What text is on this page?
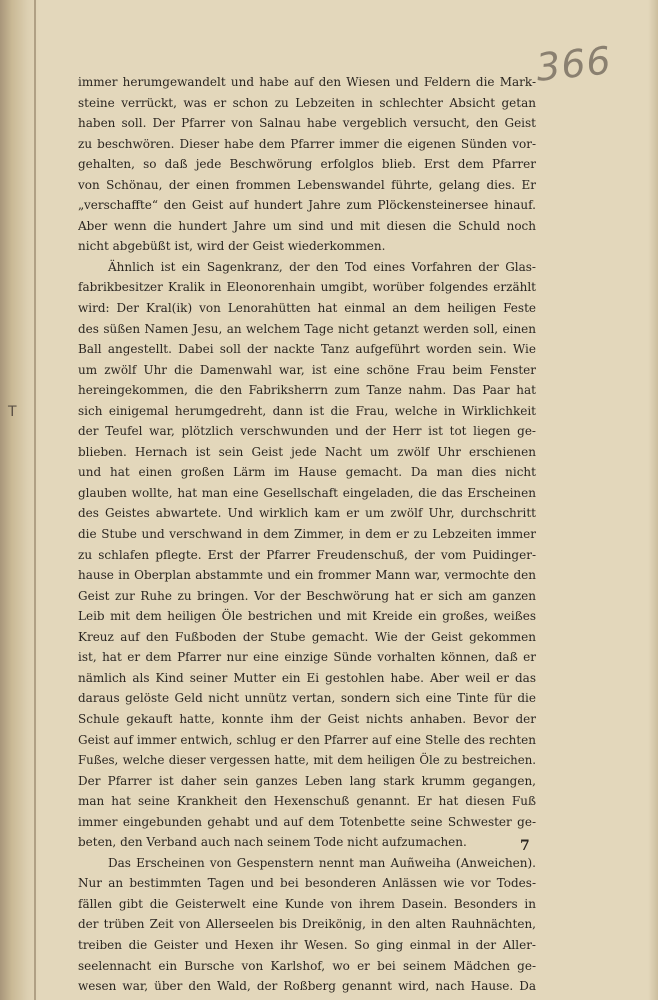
366
T
immer herumgewandelt und habe auf den Wiesen und Feldern die Mark-
steine verrückt, was er schon zu Lebzeiten in schlechter Absicht getan
haben soll. Der Pfarrer von Salnau habe vergeblich versucht, den Geist
zu beschwören. Dieser habe dem Pfarrer immer die eigenen Sünden vor-
gehalten, so daß jede Beschwörung erfolglos blieb. Erst dem Pfarrer
von Schönau, der einen frommen Lebenswandel führte, gelang dies. Er
„verschaffte“ den Geist auf hundert Jahre zum Plöckensteinersee hinauf.
Aber wenn die hundert Jahre um sind und mit diesen die Schuld noch
nicht abgebüßt ist, wird der Geist wiederkommen.
Ähnlich ist ein Sagenkranz, der den Tod eines Vorfahren der Glas-
fabrikbesitzer Kralik in Eleonorenhain umgibt, worüber folgendes erzählt
wird: Der Kral(ik) von Lenorahütten hat einmal an dem heiligen Feste
des süßen Namen Jesu, an welchem Tage nicht getanzt werden soll, einen
Ball angestellt. Dabei soll der nackte Tanz aufgeführt worden sein. Wie
um zwölf Uhr die Damenwahl war, ist eine schöne Frau beim Fenster
hereingekommen, die den Fabriksherrn zum Tanze nahm. Das Paar hat
sich einigemal herumgedreht, dann ist die Frau, welche in Wirklichkeit
der Teufel war, plötzlich verschwunden und der Herr ist tot liegen ge-
blieben. Hernach ist sein Geist jede Nacht um zwölf Uhr erschienen
und hat einen großen Lärm im Hause gemacht. Da man dies nicht
glauben wollte, hat man eine Gesellschaft eingeladen, die das Erscheinen
des Geistes abwartete. Und wirklich kam er um zwölf Uhr, durchschritt
die Stube und verschwand in dem Zimmer, in dem er zu Lebzeiten immer
zu schlafen pflegte. Erst der Pfarrer Freudenschuß, der vom Puidinger-
hause in Oberplan abstammte und ein frommer Mann war, vermochte den
Geist zur Ruhe zu bringen. Vor der Beschwörung hat er sich am ganzen
Leib mit dem heiligen Öle bestrichen und mit Kreide ein großes, weißes
Kreuz auf den Fußboden der Stube gemacht. Wie der Geist gekommen
ist, hat er dem Pfarrer nur eine einzige Sünde vorhalten können, daß er
nämlich als Kind seiner Mutter ein Ei gestohlen habe. Aber weil er das
daraus gelöste Geld nicht unnütz vertan, sondern sich eine Tinte für die
Schule gekauft hatte, konnte ihm der Geist nichts anhaben. Bevor der
Geist auf immer entwich, schlug er den Pfarrer auf eine Stelle des rechten
Fußes, welche dieser vergessen hatte, mit dem heiligen Öle zu bestreichen.
Der Pfarrer ist daher sein ganzes Leben lang stark krumm gegangen,
man hat seine Krankheit den Hexenschuß genannt. Er hat diesen Fuß
immer eingebunden gehabt und auf dem Totenbette seine Schwester ge-
beten, den Verband auch nach seinem Tode nicht aufzumachen.
Das Erscheinen von Gespenstern nennt man Auñweiha (Anweichen).
Nur an bestimmten Tagen und bei besonderen Anlässen wie vor Todes-
fällen gibt die Geisterwelt eine Kunde von ihrem Dasein. Besonders in
der trüben Zeit von Allerseelen bis Dreikönig, in den alten Rauhnächten,
treiben die Geister und Hexen ihr Wesen. So ging einmal in der Aller-
seelennacht ein Bursche von Karlshof, wo er bei seinem Mädchen ge-
wesen war, über den Wald, der Roßberg genannt wird, nach Hause. Da
7
